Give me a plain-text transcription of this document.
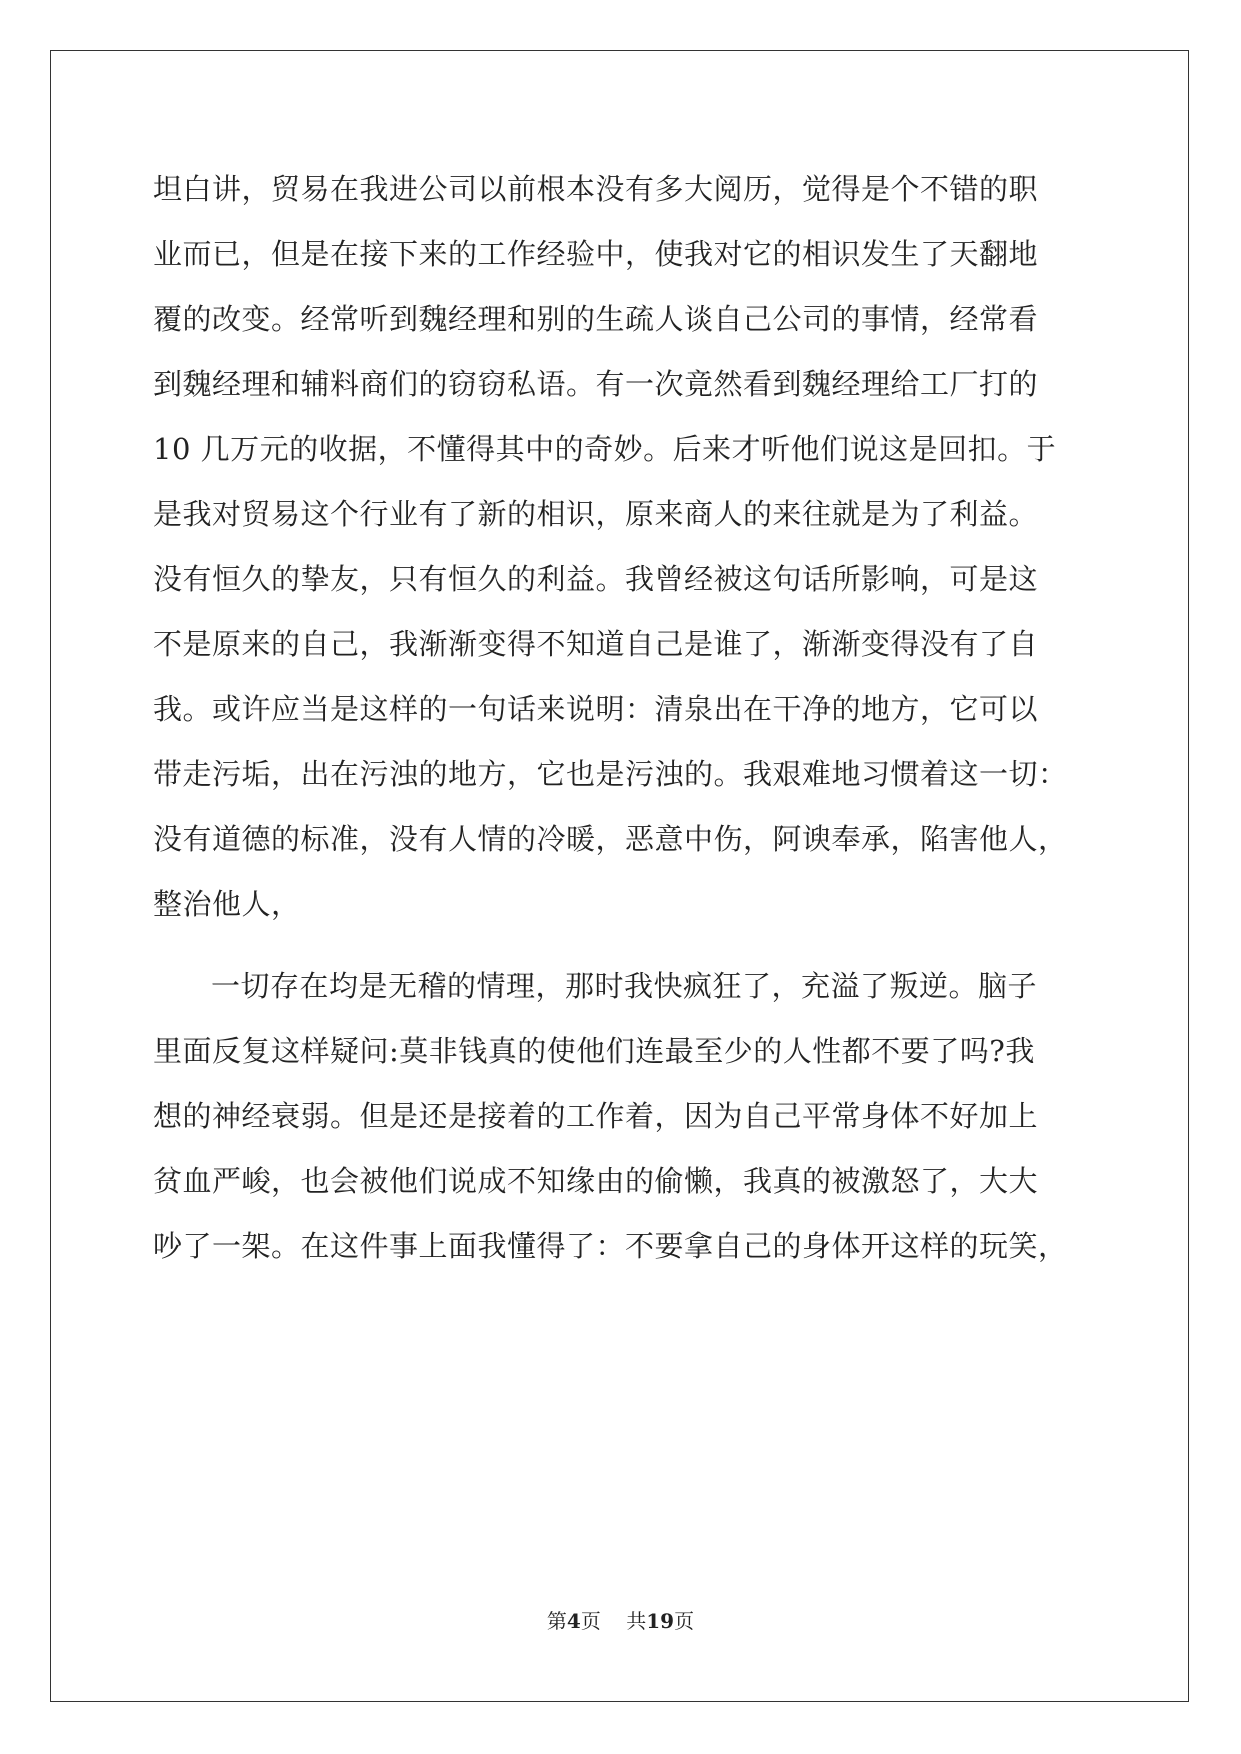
坦白讲，贸易在我进公司以前根本没有多大阅历，觉得是个不错的职
业而已，但是在接下来的工作经验中，使我对它的相识发生了天翻地
覆的改变。经常听到魏经理和别的生疏人谈自己公司的事情，经常看
到魏经理和辅料商们的窃窃私语。有一次竟然看到魏经理给工厂打的
10 几万元的收据，不懂得其中的奇妙。后来才听他们说这是回扣。于
是我对贸易这个行业有了新的相识，原来商人的来往就是为了利益。
没有恒久的挚友，只有恒久的利益。我曾经被这句话所影响，可是这
不是原来的自己，我渐渐变得不知道自己是谁了，渐渐变得没有了自
我。或许应当是这样的一句话来说明：清泉出在干净的地方，它可以
带走污垢，出在污浊的地方，它也是污浊的。我艰难地习惯着这一切：
没有道德的标准，没有人情的冷暖，恶意中伤，阿谀奉承，陷害他人，
整治他人，
一切存在均是无稽的情理，那时我快疯狂了，充溢了叛逆。脑子
里面反复这样疑问:莫非钱真的使他们连最至少的人性都不要了吗?我
想的神经衰弱。但是还是接着的工作着，因为自己平常身体不好加上
贫血严峻，也会被他们说成不知缘由的偷懒，我真的被激怒了，大大
吵了一架。在这件事上面我懂得了：不要拿自己的身体开这样的玩笑，
第4页 共19页
